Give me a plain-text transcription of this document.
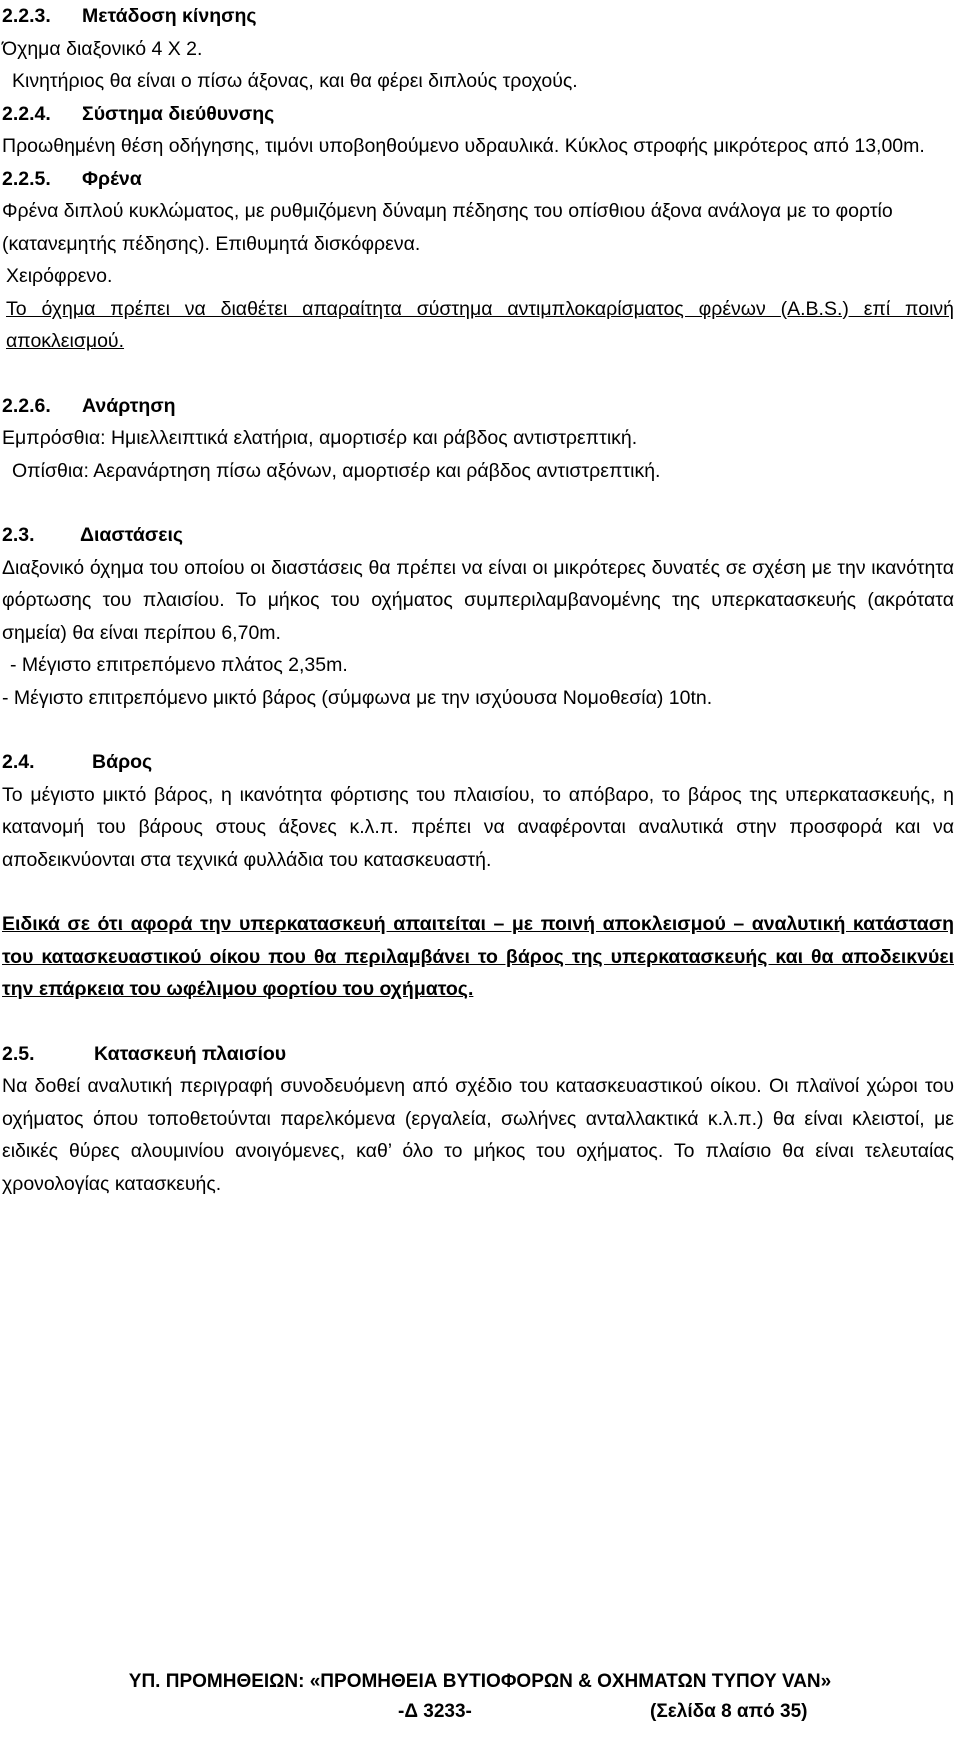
2.2.3. Μετάδοση κίνησης

Όχημα διαξονικό 4 Χ 2.

Κινητήριος θα είναι ο πίσω άξονας, και θα φέρει διπλούς τροχούς.

2.2.4. Σύστημα διεύθυνσης

Προωθημένη θέση οδήγησης, τιμόνι υποβοηθούμενο υδραυλικά. Κύκλος στροφής μικρότερος από 13,00m.

2.2.5. Φρένα

Φρένα διπλού κυκλώματος, με ρυθμιζόμενη δύναμη πέδησης του οπίσθιου άξονα ανάλογα με το φορτίο (κατανεμητής πέδησης). Επιθυμητά δισκόφρενα.

Χειρόφρενο.

Το όχημα πρέπει να διαθέτει απαραίτητα σύστημα αντιμπλοκαρίσματος φρένων (A.B.S.) επί ποινή αποκλεισμού.

2.2.6. Ανάρτηση

Εμπρόσθια: Ημιελλειπτικά ελατήρια, αμορτισέρ και ράβδος αντιστρεπτική.

Οπίσθια: Αερανάρτηση πίσω αξόνων, αμορτισέρ και ράβδος αντιστρεπτική.

2.3. Διαστάσεις

Διαξονικό όχημα του οποίου οι διαστάσεις θα πρέπει να είναι οι μικρότερες δυνατές σε σχέση με την ικανότητα φόρτωσης του πλαισίου. Το μήκος του οχήματος συμπεριλαμβανομένης της υπερκατασκευής (ακρότατα σημεία) θα είναι περίπου 6,70m.

- Μέγιστο επιτρεπόμενο πλάτος 2,35m.

- Μέγιστο επιτρεπόμενο μικτό βάρος (σύμφωνα με την ισχύουσα Νομοθεσία) 10tn.

2.4.	Βάρος

Το μέγιστο μικτό βάρος, η ικανότητα φόρτισης του πλαισίου, το απόβαρο, το βάρος της υπερκατασκευής, η κατανομή του βάρους στους άξονες κ.λ.π. πρέπει να αναφέρονται αναλυτικά στην προσφορά και να αποδεικνύονται στα τεχνικά φυλλάδια του κατασκευαστή.

Ειδικά σε ότι αφορά την υπερκατασκευή απαιτείται – με ποινή αποκλεισμού – αναλυτική κατάσταση του κατασκευαστικού οίκου που θα περιλαμβάνει το βάρος της υπερκατασκευής και θα αποδεικνύει την επάρκεια του ωφέλιμου φορτίου του οχήματος.

2.5.	Κατασκευή πλαισίου

Να δοθεί αναλυτική περιγραφή συνοδευόμενη από σχέδιο του κατασκευαστικού οίκου. Οι πλαϊνοί χώροι του οχήματος όπου τοποθετούνται παρελκόμενα (εργαλεία, σωλήνες ανταλλακτικά κ.λ.π.) θα είναι κλειστοί, με ειδικές θύρες αλουμινίου ανοιγόμενες, καθ’ όλο το μήκος του οχήματος. Το πλαίσιο θα είναι τελευταίας χρονολογίας κατασκευής.

ΥΠ. ΠΡΟΜΗΘΕΙΩΝ: «ΠΡΟΜΗΘΕΙΑ ΒΥΤΙΟΦΟΡΩΝ & ΟΧΗΜΑΤΩΝ ΤΥΠΟΥ VAN»
-Δ 3233-	(Σελίδα 8 από 35)
